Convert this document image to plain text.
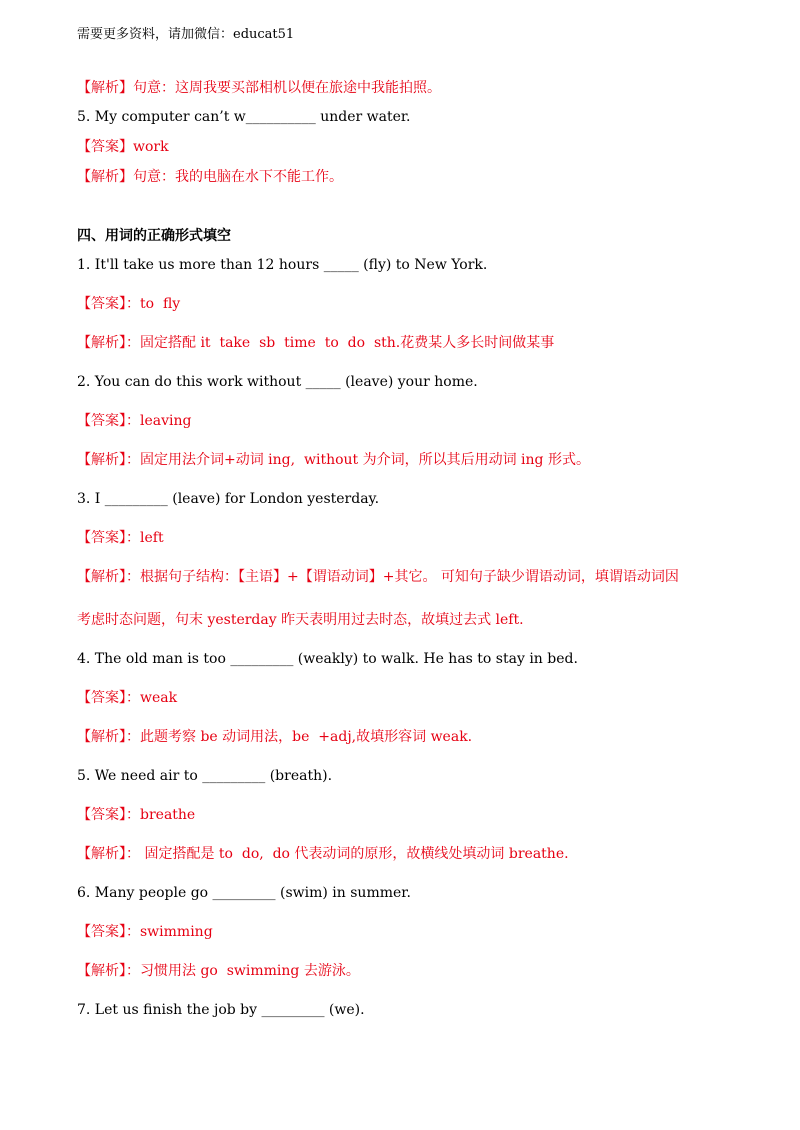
需要更多资料，请加微信：educat51
【解析】句意：这周我要买部相机以便在旅途中我能拍照。
5. My computer can’t w__________ under water.
【答案】work
【解析】句意：我的电脑在水下不能工作。
四、用词的正确形式填空
1. It'll take us more than 12 hours _____ (fly) to New York.
【答案】：to  fly
【解析】：固定搭配 it  take  sb  time  to  do  sth.花费某人多长时间做某事
2. You can do this work without _____ (leave) your home.
【答案】：leaving
【解析】：固定用法介词+动词 ing,  without 为介词，所以其后用动词 ing 形式。
3. I _________ (leave) for London yesterday.
【答案】：left
【解析】：根据句子结构：【主语】+【谓语动词】+其它。 可知句子缺少谓语动词，填谓语动词因
考虑时态问题，句末 yesterday 昨天表明用过去时态，故填过去式 left.
4. The old man is too _________ (weakly) to walk. He has to stay in bed.
【答案】：weak
【解析】：此题考察 be 动词用法，be  +adj,故填形容词 weak.
5. We need air to _________ (breath).
【答案】：breathe
【解析】： 固定搭配是 to  do,  do 代表动词的原形，故横线处填动词 breathe.
6. Many people go _________ (swim) in summer.
【答案】：swimming
【解析】：习惯用法 go  swimming 去游泳。
7. Let us finish the job by _________ (we).
